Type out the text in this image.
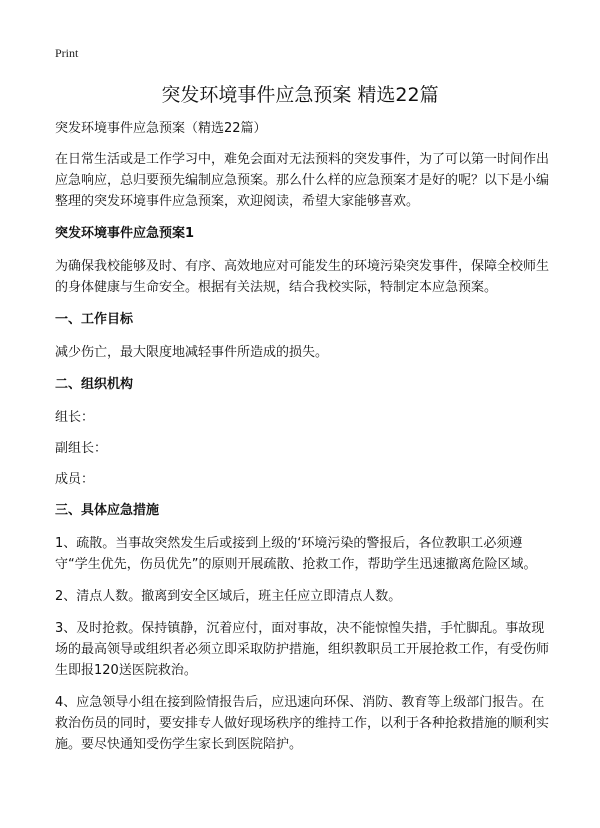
Print
突发环境事件应急预案 精选22篇

突发环境事件应急预案（精选22篇）

在日常生活或是工作学习中，难免会面对无法预料的突发事件，为了可以第一时间作出应急响应，总归要预先编制应急预案。那么什么样的应急预案才是好的呢？以下是小编整理的突发环境事件应急预案，欢迎阅读，希望大家能够喜欢。

突发环境事件应急预案1

为确保我校能够及时、有序、高效地应对可能发生的环境污染突发事件，保障全校师生的身体健康与生命安全。根据有关法规，结合我校实际，特制定本应急预案。

一、工作目标

减少伤亡，最大限度地减轻事件所造成的损失。

二、组织机构

组长：

副组长：

成员：

三、具体应急措施

1、疏散。当事故突然发生后或接到上级的‘环境污染的警报后，各位教职工必须遵守“学生优先，伤员优先”的原则开展疏散、抢救工作，帮助学生迅速撤离危险区域。

2、清点人数。撤离到安全区域后，班主任应立即清点人数。

3、及时抢救。保持镇静，沉着应付，面对事故，决不能惊惶失措，手忙脚乱。事故现场的最高领导或组织者必须立即采取防护措施，组织教职员工开展抢救工作，有受伤师生即报120送医院救治。

4、应急领导小组在接到险情报告后，应迅速向环保、消防、教育等上级部门报告。在救治伤员的同时，要安排专人做好现场秩序的维持工作，以利于各种抢救措施的顺利实施。要尽快通知受伤学生家长到医院陪护。
